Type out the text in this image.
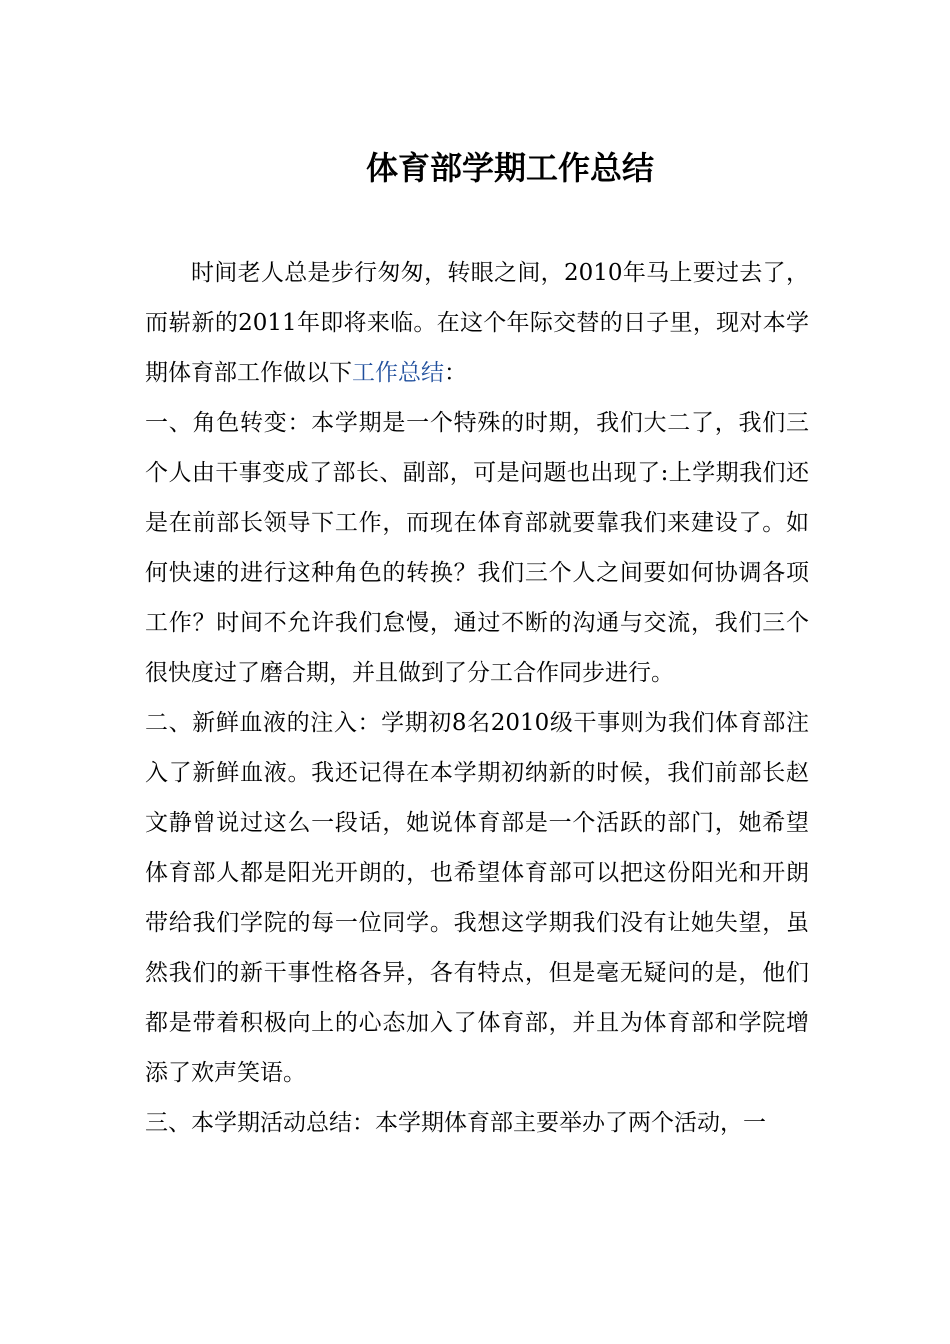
体育部学期工作总结

时间老人总是步行匆匆，转眼之间，2010年马上要过去了，而崭新的2011年即将来临。在这个年际交替的日子里，现对本学期体育部工作做以下工作总结：

一、角色转变：本学期是一个特殊的时期，我们大二了，我们三个人由干事变成了部长、副部，可是问题也出现了:上学期我们还是在前部长领导下工作，而现在体育部就要靠我们来建设了。如何快速的进行这种角色的转换？我们三个人之间要如何协调各项工作？时间不允许我们怠慢，通过不断的沟通与交流，我们三个很快度过了磨合期，并且做到了分工合作同步进行。

二、新鲜血液的注入：学期初8名2010级干事则为我们体育部注入了新鲜血液。我还记得在本学期初纳新的时候，我们前部长赵文静曾说过这么一段话，她说体育部是一个活跃的部门，她希望体育部人都是阳光开朗的，也希望体育部可以把这份阳光和开朗带给我们学院的每一位同学。我想这学期我们没有让她失望，虽然我们的新干事性格各异，各有特点，但是毫无疑问的是，他们都是带着积极向上的心态加入了体育部，并且为体育部和学院增添了欢声笑语。

三、本学期活动总结：本学期体育部主要举办了两个活动，一
